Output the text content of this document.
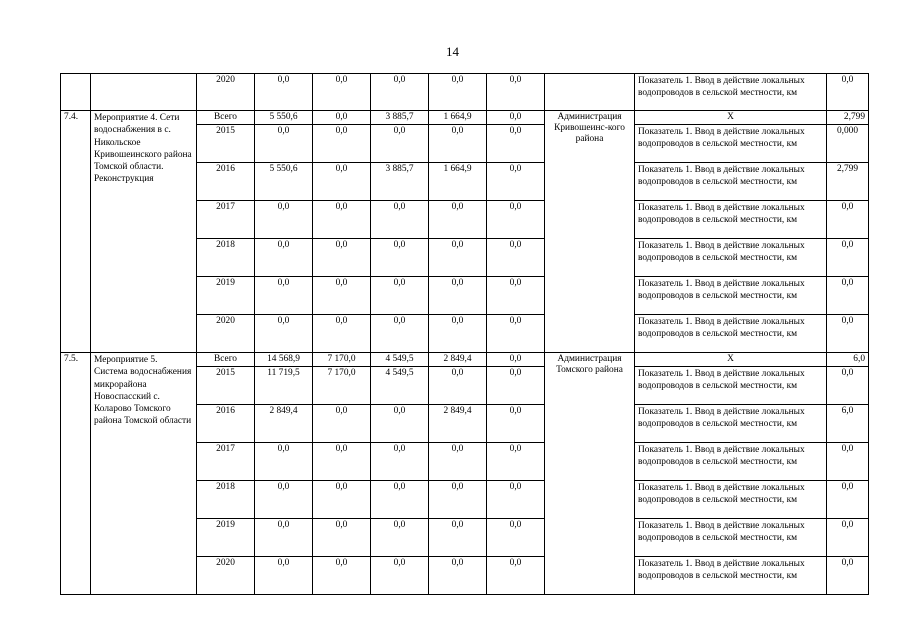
14
		2020	0,0	0,0	0,0	0,0	0,0		Показатель 1. Ввод в действие локальных водопроводов в сельской местности, км	0,0
7.4.	Мероприятие 4. Сети водоснабжения в с. Никольское Кривошеинского района Томской области. Реконструкция	Всего	5 550,6	0,0	3 885,7	1 664,9	0,0	Администрация Кривошеинс-кого района	Х	2,799
		2015	0,0	0,0	0,0	0,0	0,0		Показатель 1. Ввод в действие локальных водопроводов в сельской местности, км	0,000
		2016	5 550,6	0,0	3 885,7	1 664,9	0,0		Показатель 1. Ввод в действие локальных водопроводов в сельской местности, км	2,799
		2017	0,0	0,0	0,0	0,0	0,0		Показатель 1. Ввод в действие локальных водопроводов в сельской местности, км	0,0
		2018	0,0	0,0	0,0	0,0	0,0		Показатель 1. Ввод в действие локальных водопроводов в сельской местности, км	0,0
		2019	0,0	0,0	0,0	0,0	0,0		Показатель 1. Ввод в действие локальных водопроводов в сельской местности, км	0,0
		2020	0,0	0,0	0,0	0,0	0,0		Показатель 1. Ввод в действие локальных водопроводов в сельской местности, км	0,0
7.5.	Мероприятие 5. Система водоснабжения микрорайона Новоспасский с. Коларово Томского района Томской области	Всего	14 568,9	7 170,0	4 549,5	2 849,4	0,0	Администрация Томского района	Х	6,0
		2015	11 719,5	7 170,0	4 549,5	0,0	0,0		Показатель 1. Ввод в действие локальных водопроводов в сельской местности, км	0,0
		2016	2 849,4	0,0	0,0	2 849,4	0,0		Показатель 1. Ввод в действие локальных водопроводов в сельской местности, км	6,0
		2017	0,0	0,0	0,0	0,0	0,0		Показатель 1. Ввод в действие локальных водопроводов в сельской местности, км	0,0
		2018	0,0	0,0	0,0	0,0	0,0		Показатель 1. Ввод в действие локальных водопроводов в сельской местности, км	0,0
		2019	0,0	0,0	0,0	0,0	0,0		Показатель 1. Ввод в действие локальных водопроводов в сельской местности, км	0,0
		2020	0,0	0,0	0,0	0,0	0,0		Показатель 1. Ввод в действие локальных водопроводов в сельской местности, км	0,0
